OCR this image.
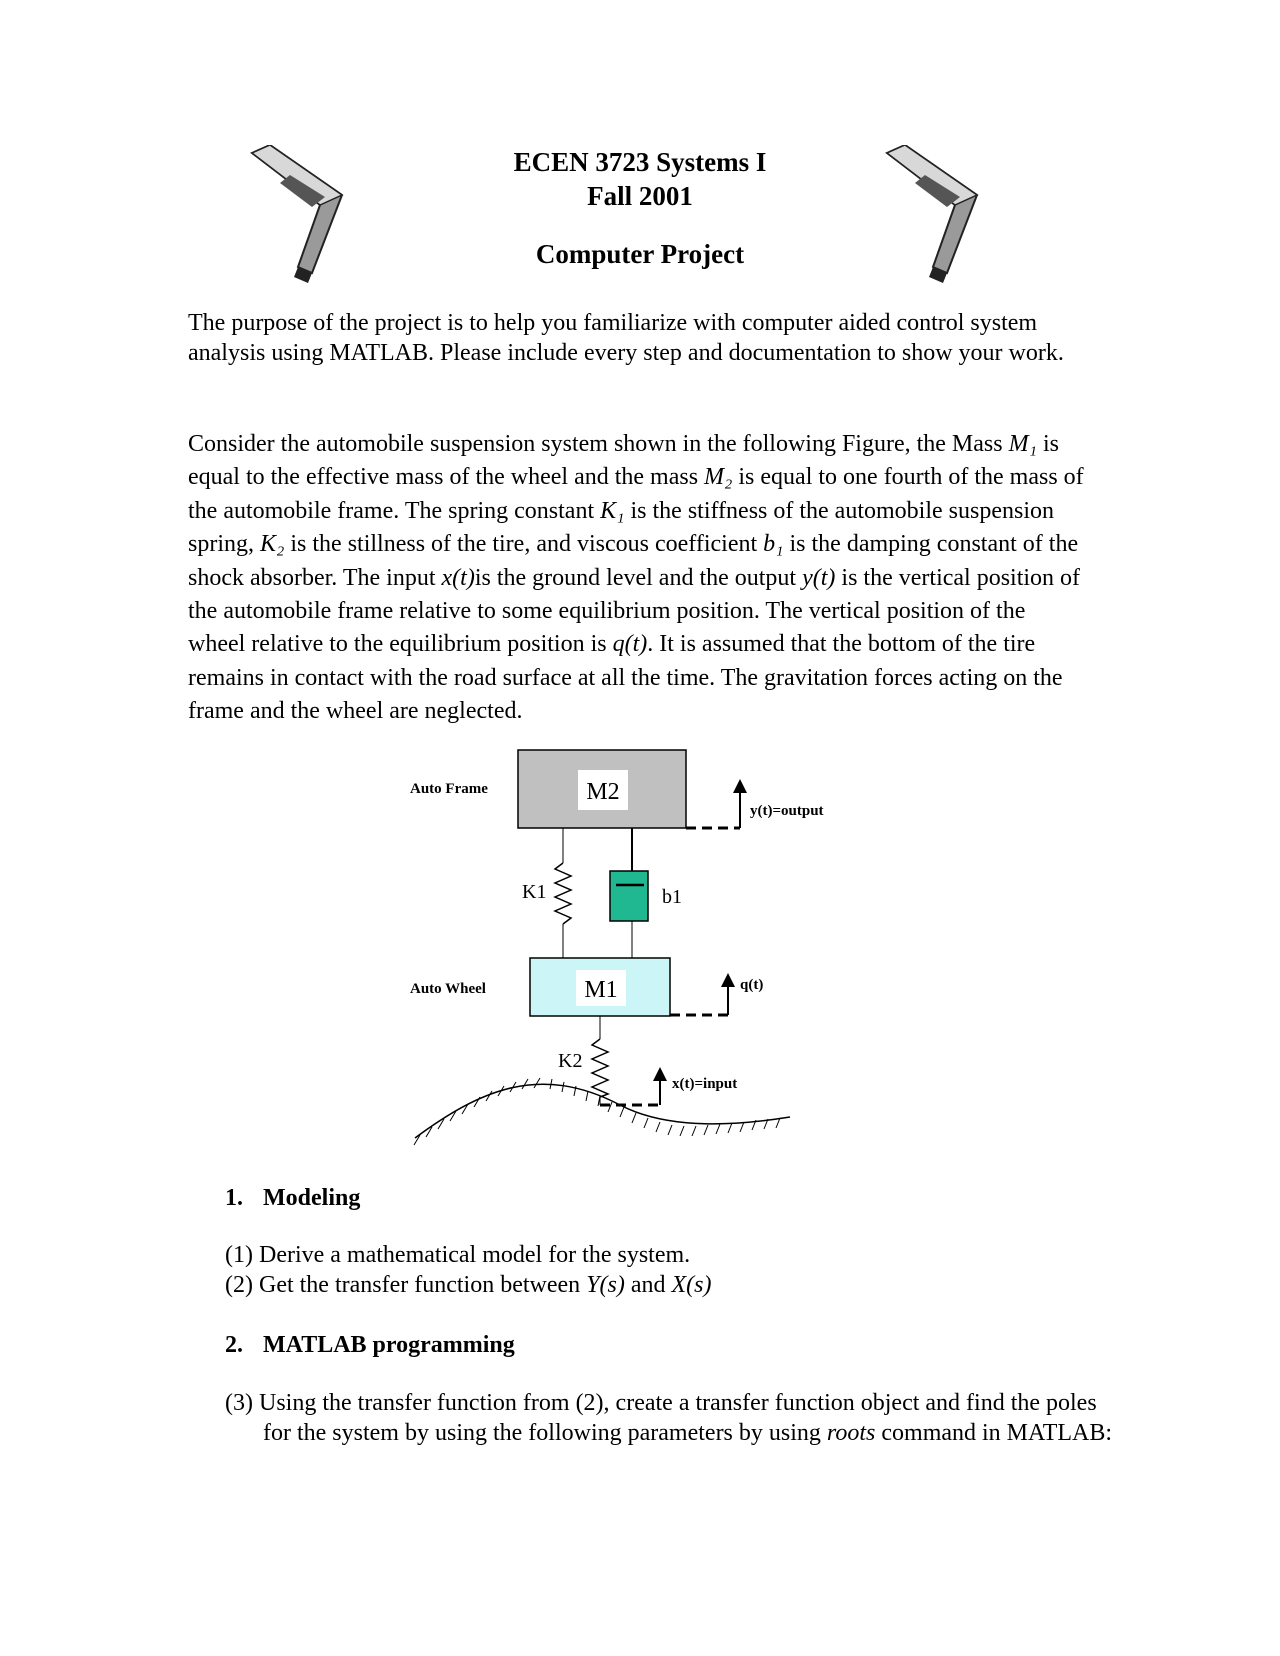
ECEN 3723 Systems I
Fall 2001
Computer Project

The purpose of the project is to help you familiarize with computer aided control system analysis using MATLAB. Please include every step and documentation to show your work.

Consider the automobile suspension system shown in the following Figure, the Mass M₁ is equal to the effective mass of the wheel and the mass M₂ is equal to one fourth of the mass of the automobile frame. The spring constant K₁ is the stiffness of the automobile suspension spring, K₂ is the stillness of the tire, and viscous coefficient b₁ is the damping constant of the shock absorber. The input x(t)is the ground level and the output y(t) is the vertical position of the automobile frame relative to some equilibrium position. The vertical position of the wheel relative to the equilibrium position is q(t). It is assumed that the bottom of the tire remains in contact with the road surface at all the time. The gravitation forces acting on the frame and the wheel are neglected.

M2
Auto Frame
y(t)=output
K1	b1
M1
Auto Wheel	q(t)
K2
x(t)=input
1. Modeling

(1) Derive a mathematical model for the system.

(2) Get the transfer function between Y(s) and X(s)

2. MATLAB programming

(3) Using the transfer function from (2), create a transfer function object and find the poles for the system by using the following parameters by using roots command in MATLAB:
